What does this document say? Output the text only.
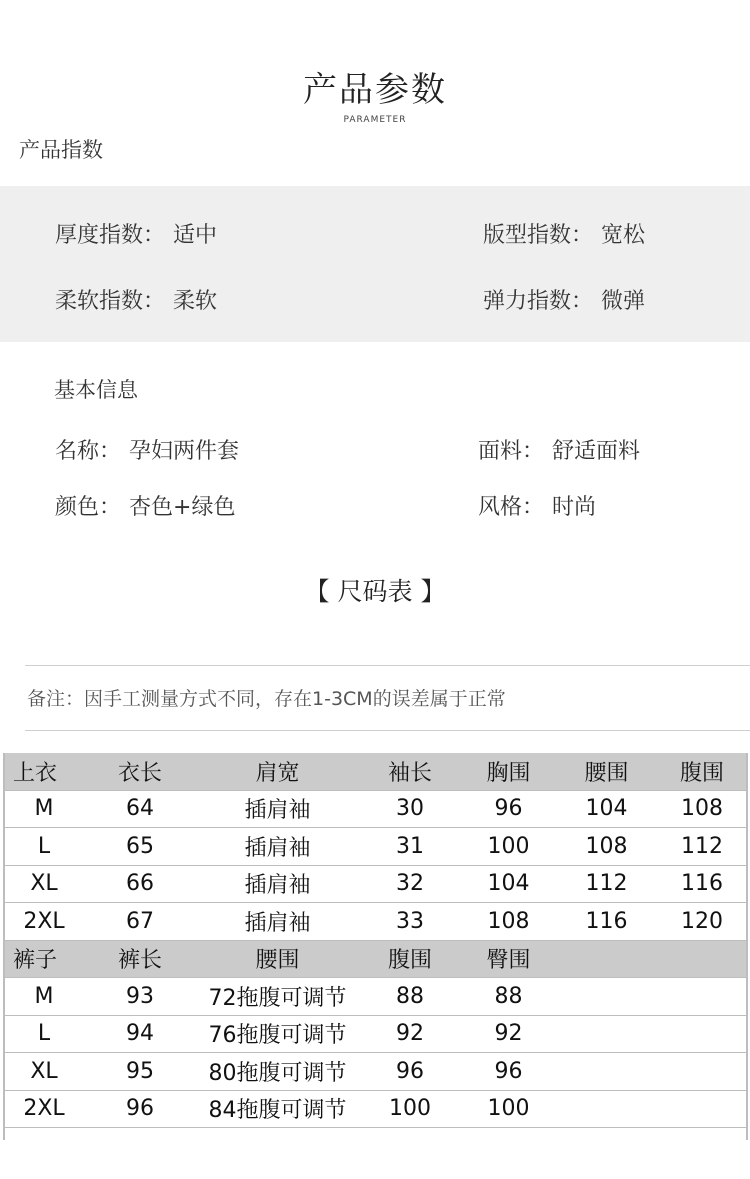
产品参数
PARAMETER
产品指数
厚度指数： 适中	版型指数： 宽松
柔软指数： 柔软	弹力指数： 微弹
基本信息
名称： 孕妇两件套	面料： 舒适面料
颜色： 杏色+绿色	风格： 时尚
【 尺码表 】
备注：因手工测量方式不同，存在1-3CM的误差属于正常
上衣	衣长	肩宽	袖长	胸围	腰围	腹围
M	64	插肩袖	30	96	104	108
L	65	插肩袖	31	100	108	112
XL	66	插肩袖	32	104	112	116
2XL	67	插肩袖	33	108	116	120
裤子	裤长	腰围	腹围	臀围		
M	93	72拖腹可调节	88	88		
L	94	76拖腹可调节	92	92		
XL	95	80拖腹可调节	96	96		
2XL	96	84拖腹可调节	100	100		
